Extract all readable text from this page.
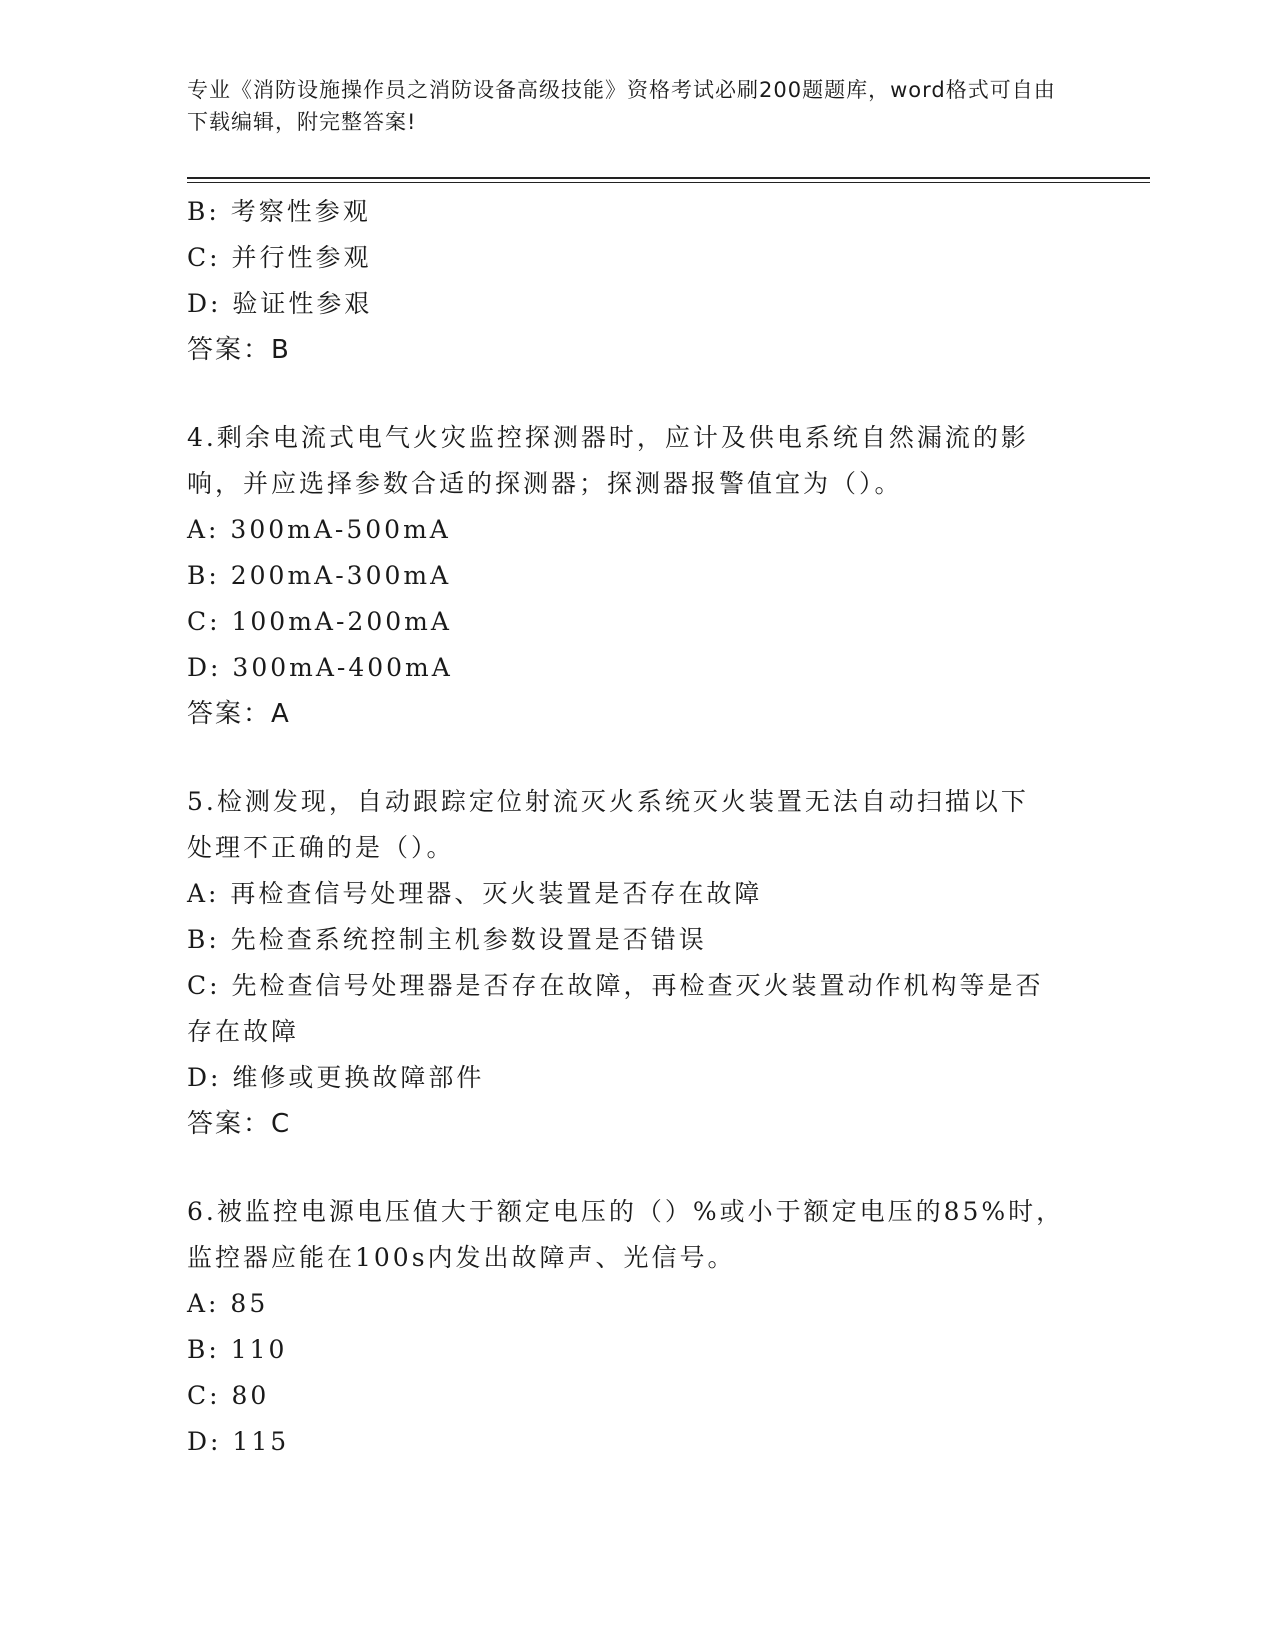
专业《消防设施操作员之消防设备高级技能》资格考试必刷200题题库，word格式可自由下载编辑，附完整答案!
B: 考察性参观
C: 并行性参观
D: 验证性参艰
答案：B
4.剩余电流式电气火灾监控探测器时，应计及供电系统自然漏流的影
响，并应选择参数合适的探测器；探测器报警值宜为（）。
A: 300mA-500mA
B: 200mA-300mA
C: 100mA-200mA
D: 300mA-400mA
答案：A
5.检测发现，自动跟踪定位射流灭火系统灭火装置无法自动扫描以下
处理不正确的是（）。
A: 再检查信号处理器、灭火装置是否存在故障
B: 先检查系统控制主机参数设置是否错误
C: 先检查信号处理器是否存在故障，再检查灭火装置动作机构等是否
存在故障
D: 维修或更换故障部件
答案：C
6.被监控电源电压值大于额定电压的（）%或小于额定电压的85%时，
监控器应能在100s内发出故障声、光信号。
A: 85
B: 110
C: 80
D: 115
